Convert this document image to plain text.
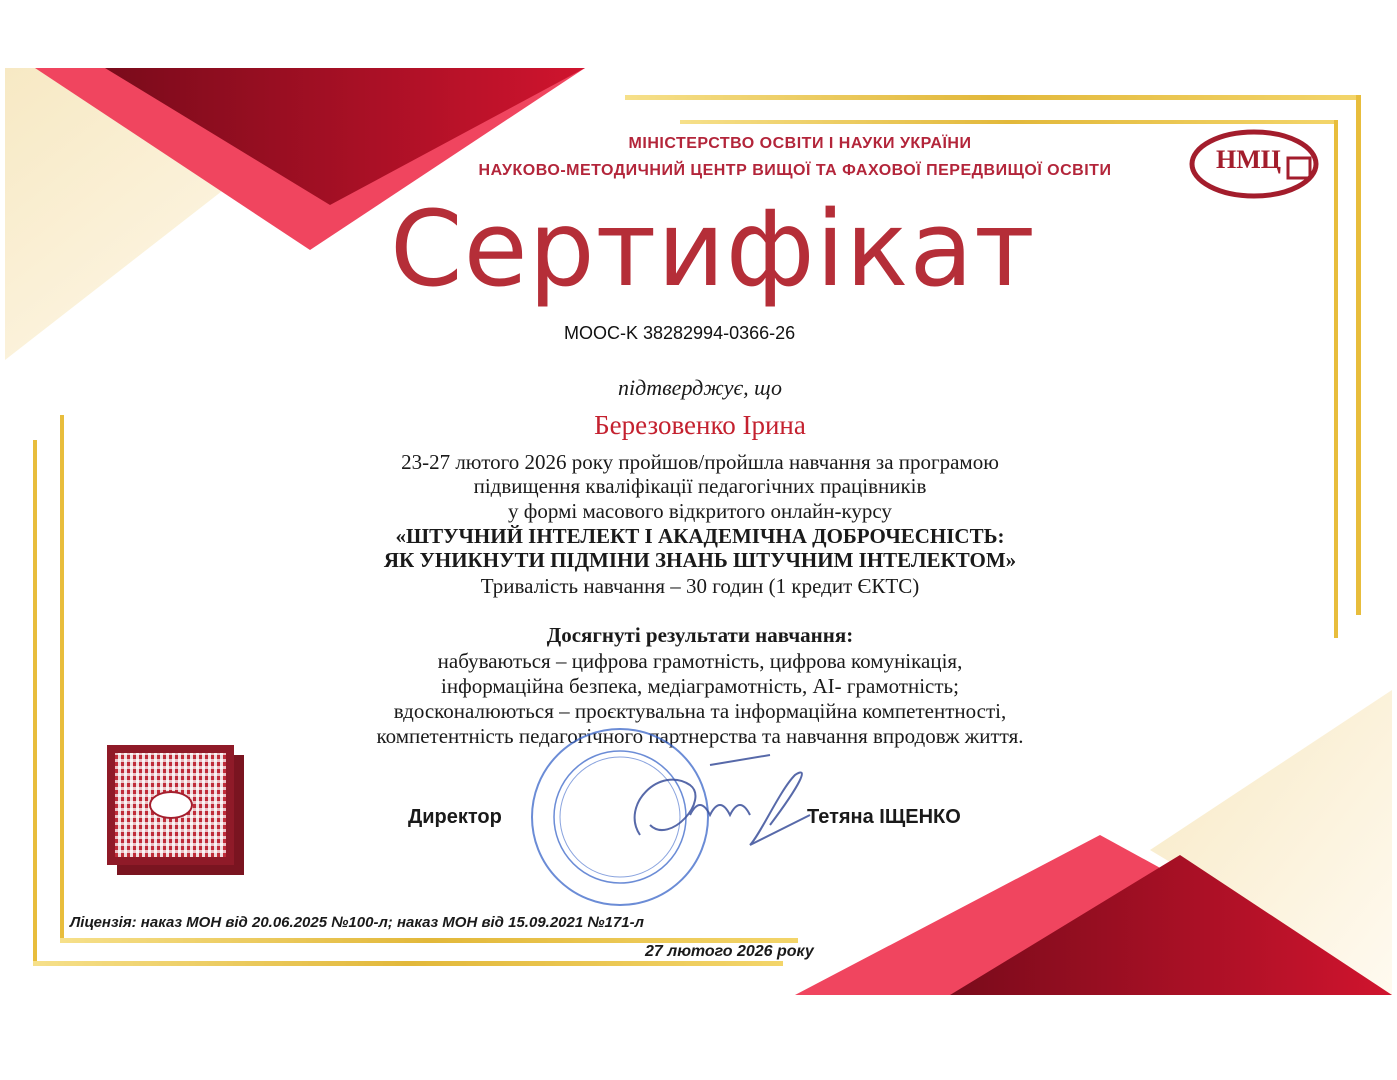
МІНІСТЕРСТВО ОСВІТИ І НАУКИ УКРАЇНИ
НАУКОВО-МЕТОДИЧНИЙ ЦЕНТР ВИЩОЇ ТА ФАХОВОЇ ПЕРЕДВИЩОЇ ОСВІТИ	НМЦ
Сертифікат
MOOC-K 38282994-0366-26
підтверджує, що
Березовенко Ірина
23-27 лютого 2026 року пройшов/пройшла навчання за програмою
підвищення кваліфікації педагогічних працівників
у формі масового відкритого онлайн-курсу
«ШТУЧНИЙ ІНТЕЛЕКТ І АКАДЕМІЧНА ДОБРОЧЕСНІСТЬ:
ЯК УНИКНУТИ ПІДМІНИ ЗНАНЬ ШТУЧНИМ ІНТЕЛЕКТОМ»
Тривалість навчання – 30 годин (1 кредит ЄКТС)
Досягнуті результати навчання:
набуваються – цифрова грамотність, цифрова комунікація,
інформаційна безпека, медіаграмотність, AI- грамотність;
вдосконалюються – проєктувальна та інформаційна компетентності,
компетентність педагогічного партнерства та навчання впродовж життя.
Директор	Тетяна ІЩЕНКО
Ліцензія: наказ МОН від 20.06.2025 №100-л; наказ МОН від 15.09.2021 №171-л
27 лютого 2026 року
